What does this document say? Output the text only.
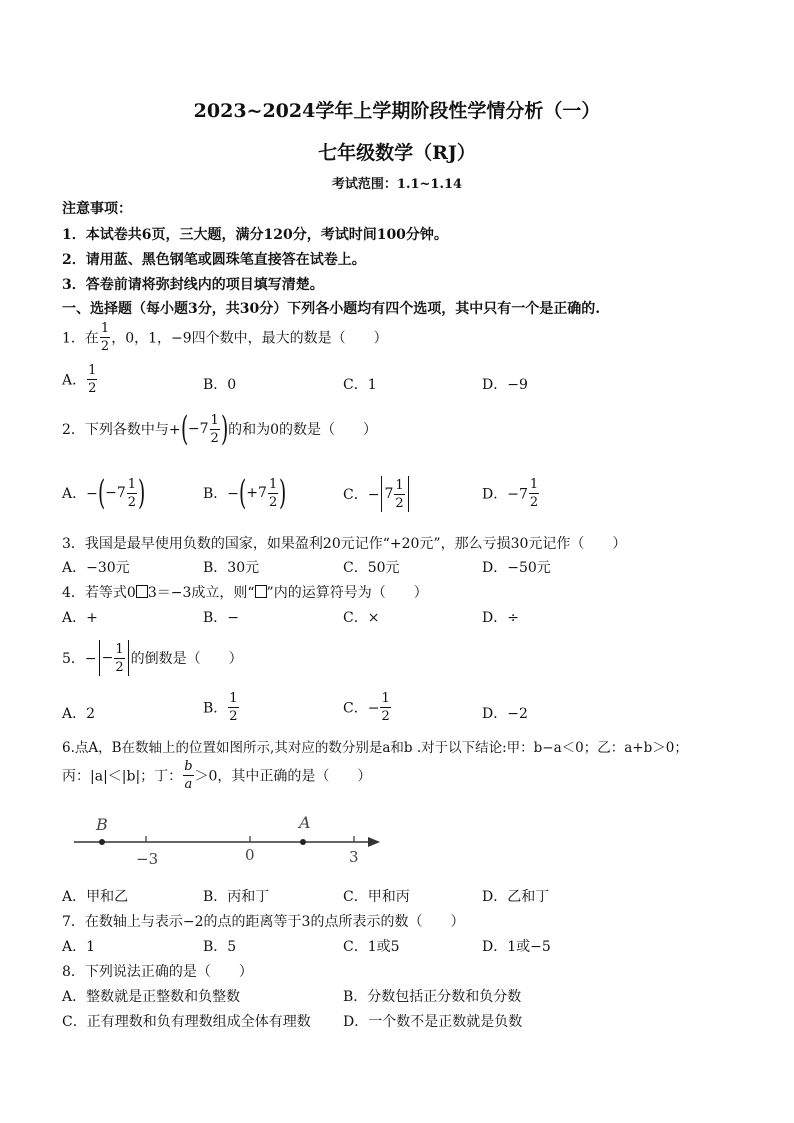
2023~2024学年上学期阶段性学情分析（一）
七年级数学（RJ）
考试范围：1.1~1.14
注意事项：
1．本试卷共6页，三大题，满分120分，考试时间100分钟。
2．请用蓝、黑色钢笔或圆珠笔直接答在试卷上。
3．答卷前请将弥封线内的项目填写清楚。
一、选择题（每小题3分，共30分）下列各小题均有四个选项，其中只有一个是正确的.
1．在 $\frac{1}{2}$ ，0，1，−9四个数中，最大的数是（　　）
A． $\frac{1}{2}$	B．0	C．1	D．−9
2．下列各数中与$+(-7 \frac{1}{2}$ )的和为0的数是（　　）
A．$-(-7 \frac{1}{2}$ )	B．$-(+7 \frac{1}{2}$ )	C．− $7 \frac{1}{2}$	D．$-7 \frac{1}{2}$
3．我国是最早使用负数的国家，如果盈利20元记作“+20元”，那么亏损30元记作（　　）
A．−30元	B．30元	C．50元	D．−50元
4．若等式0 3＝−3成立，则“ ”内的运算符号为（　　）
A．+	B．−	C．×	D．÷
5．− − $\frac{1}{2}$ 的倒数是（　　）
A．2	B． $\frac{1}{2}$	C．− $\frac{1}{2}$	D．−2
6.点A，B在数轴上的位置如图所示,其对应的数分别是a和b .对于以下结论:甲：b−a＜0；乙：a+b＞0；
丙：|a|＜|b|；丁： $\frac{b}{a} >0$，其中正确的是（　　）
B	A
−3	0	3
A．甲和乙	B．丙和丁	C．甲和丙	D．乙和丁
7．在数轴上与表示−2的点的距离等于3的点所表示的数（　　）
A．1	B．5	C．1或5	D．1或−5
8．下列说法正确的是（　　）
A．整数就是正整数和负整数	B．分数包括正分数和负分数
C．正有理数和负有理数组成全体有理数 D．一个数不是正数就是负数
